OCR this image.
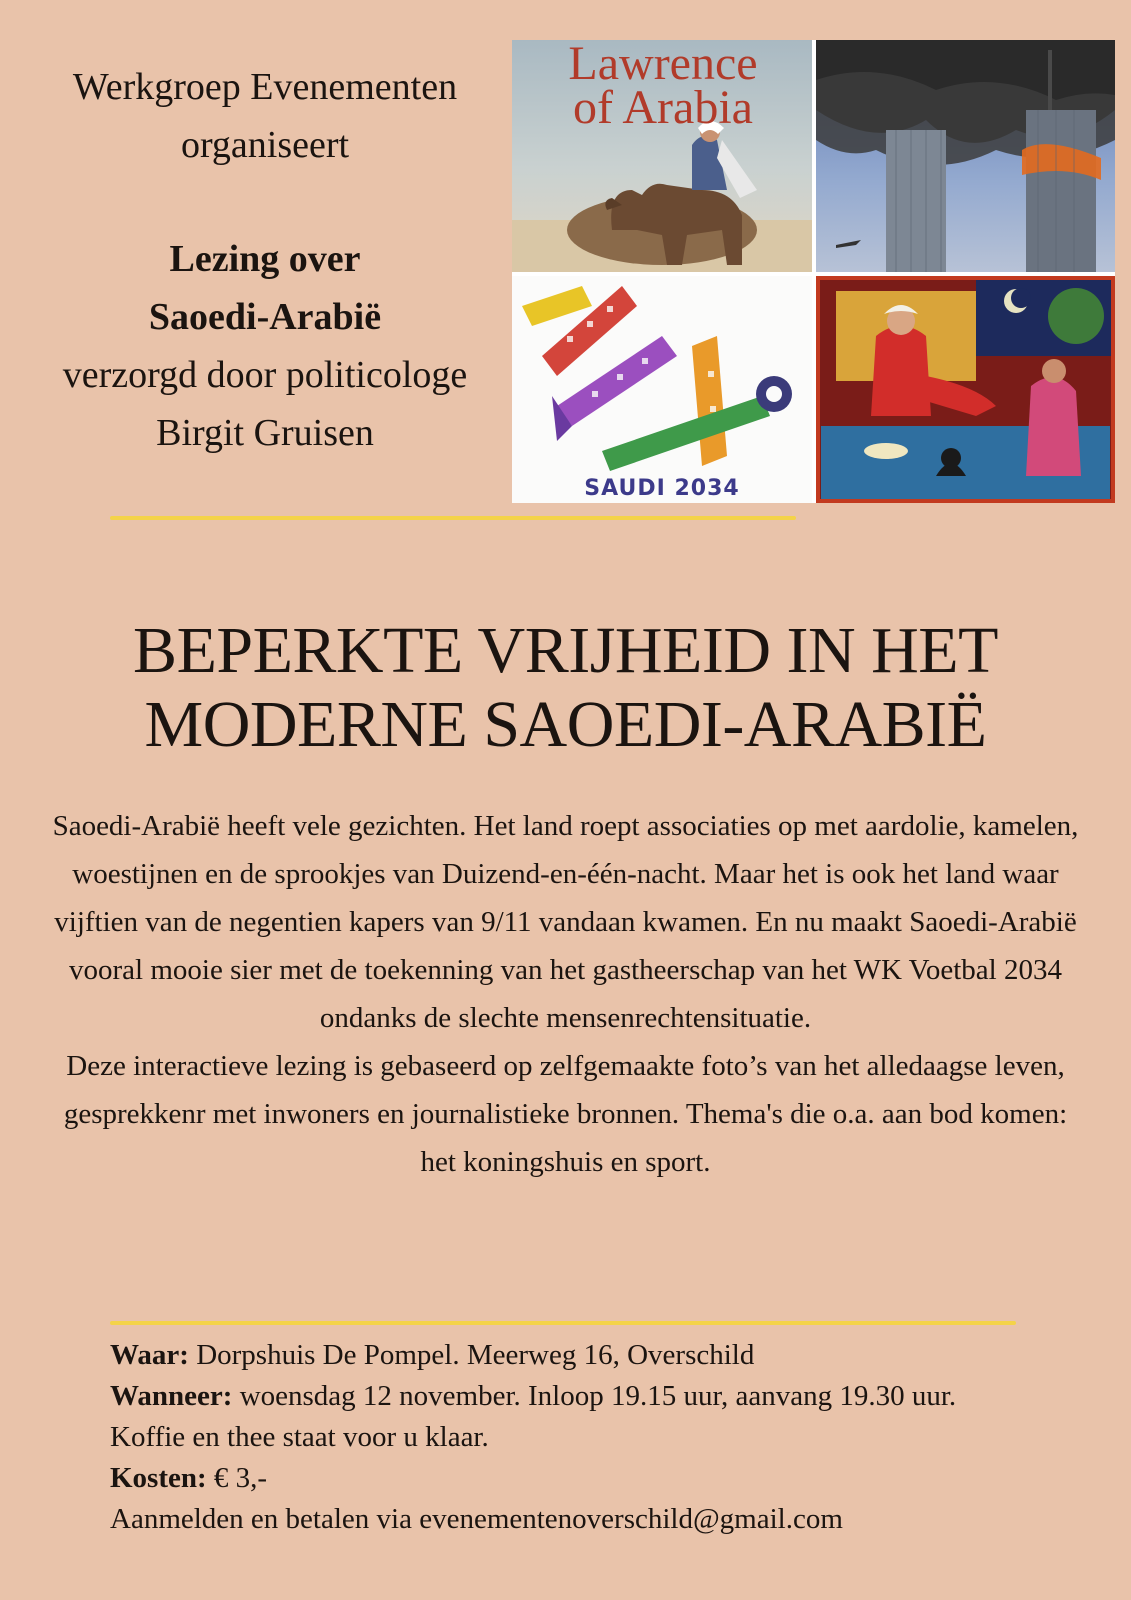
Werkgroep Evenementen

organiseert

Lezing over

Saoedi-Arabië

verzorgd door politicologe

Birgit Gruisen

Lawrence
of Arabia
SAUDI 2034
BEPERKTE VRIJHEID IN HET
MODERNE SAOEDI-ARABIË

Saoedi-Arabië heeft vele gezichten. Het land roept associaties op met aardolie, kamelen, woestijnen en de sprookjes van Duizend-en-één-nacht. Maar het is ook het land waar vijftien van de negentien kapers van 9/11 vandaan kwamen. En nu maakt Saoedi-Arabië vooral mooie sier met de toekenning van het gastheerschap van het WK Voetbal 2034 ondanks de slechte mensenrechtensituatie.

Deze interactieve lezing is gebaseerd op zelfgemaakte foto’s van het alledaagse leven, gesprekkenr met inwoners en journalistieke bronnen. Thema's die o.a. aan bod komen: het koningshuis en sport.

Waar: Dorpshuis De Pompel. Meerweg 16, Overschild

Wanneer: woensdag 12 november. Inloop 19.15 uur, aanvang 19.30 uur.

Koffie en thee staat voor u klaar.

Kosten: € 3,-

Aanmelden en betalen via evenementenoverschild@gmail.com
